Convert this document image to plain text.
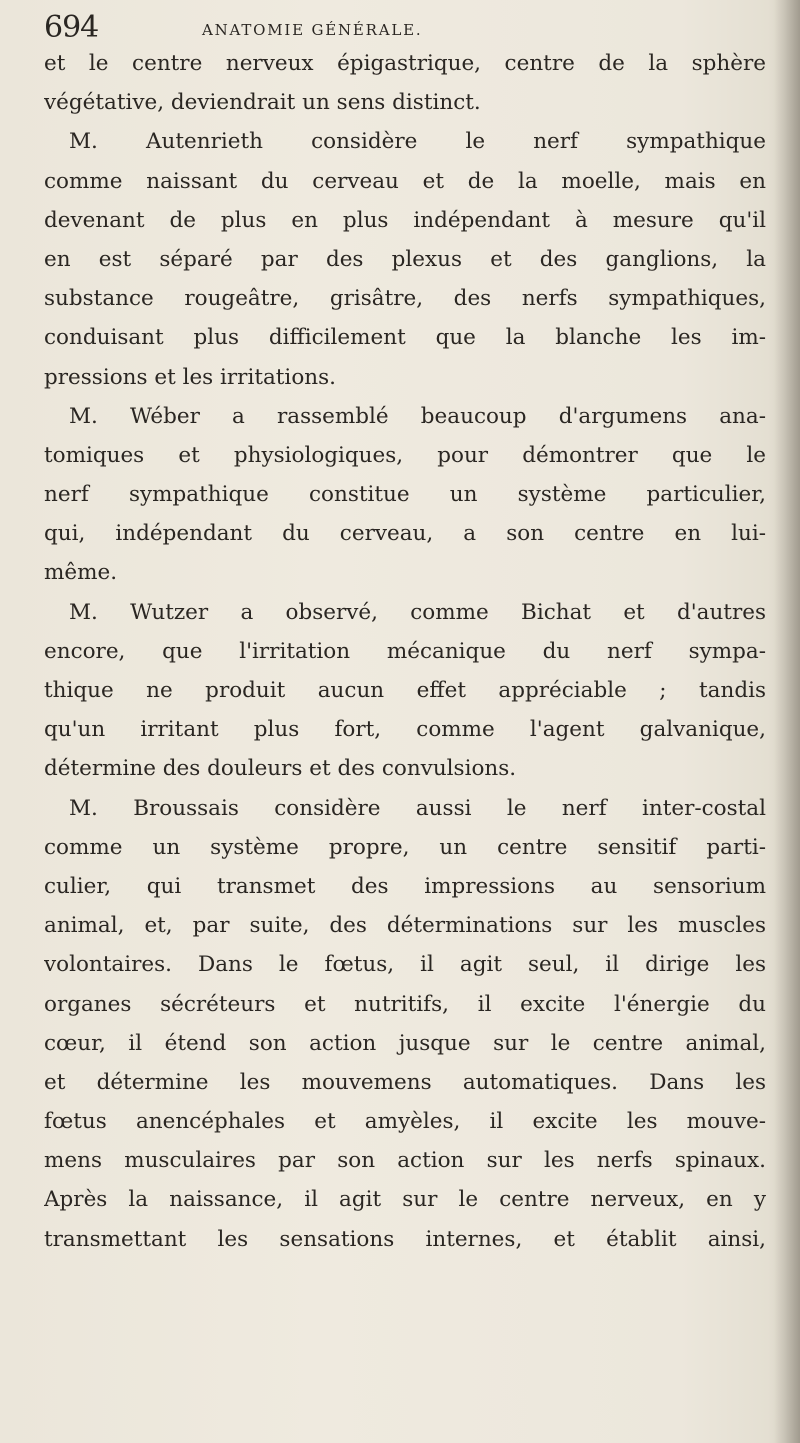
694	ANATOMIE GÉNÉRALE.
et le centre nerveux épigastrique, centre de la sphère
végétative, deviendrait un sens distinct.
M. Autenrieth considère le nerf sympathique
comme naissant du cerveau et de la moelle, mais en
devenant de plus en plus indépendant à mesure qu'il
en est séparé par des plexus et des ganglions, la
substance rougeâtre, grisâtre, des nerfs sympathiques,
conduisant plus difficilement que la blanche les im-
pressions et les irritations.
M. Wéber a rassemblé beaucoup d'argumens ana-
tomiques et physiologiques, pour démontrer que le
nerf sympathique constitue un système particulier,
qui, indépendant du cerveau, a son centre en lui-
même.
M. Wutzer a observé, comme Bichat et d'autres
encore, que l'irritation mécanique du nerf sympa-
thique ne produit aucun effet appréciable ; tandis
qu'un irritant plus fort, comme l'agent galvanique,
détermine des douleurs et des convulsions.
M. Broussais considère aussi le nerf inter-costal
comme un système propre, un centre sensitif parti-
culier, qui transmet des impressions au sensorium
animal, et, par suite, des déterminations sur les muscles
volontaires. Dans le fœtus, il agit seul, il dirige les
organes sécréteurs et nutritifs, il excite l'énergie du
cœur, il étend son action jusque sur le centre animal,
et détermine les mouvemens automatiques. Dans les
fœtus anencéphales et amyèles, il excite les mouve-
mens musculaires par son action sur les nerfs spinaux.
Après la naissance, il agit sur le centre nerveux, en y
transmettant les sensations internes, et établit ainsi,
